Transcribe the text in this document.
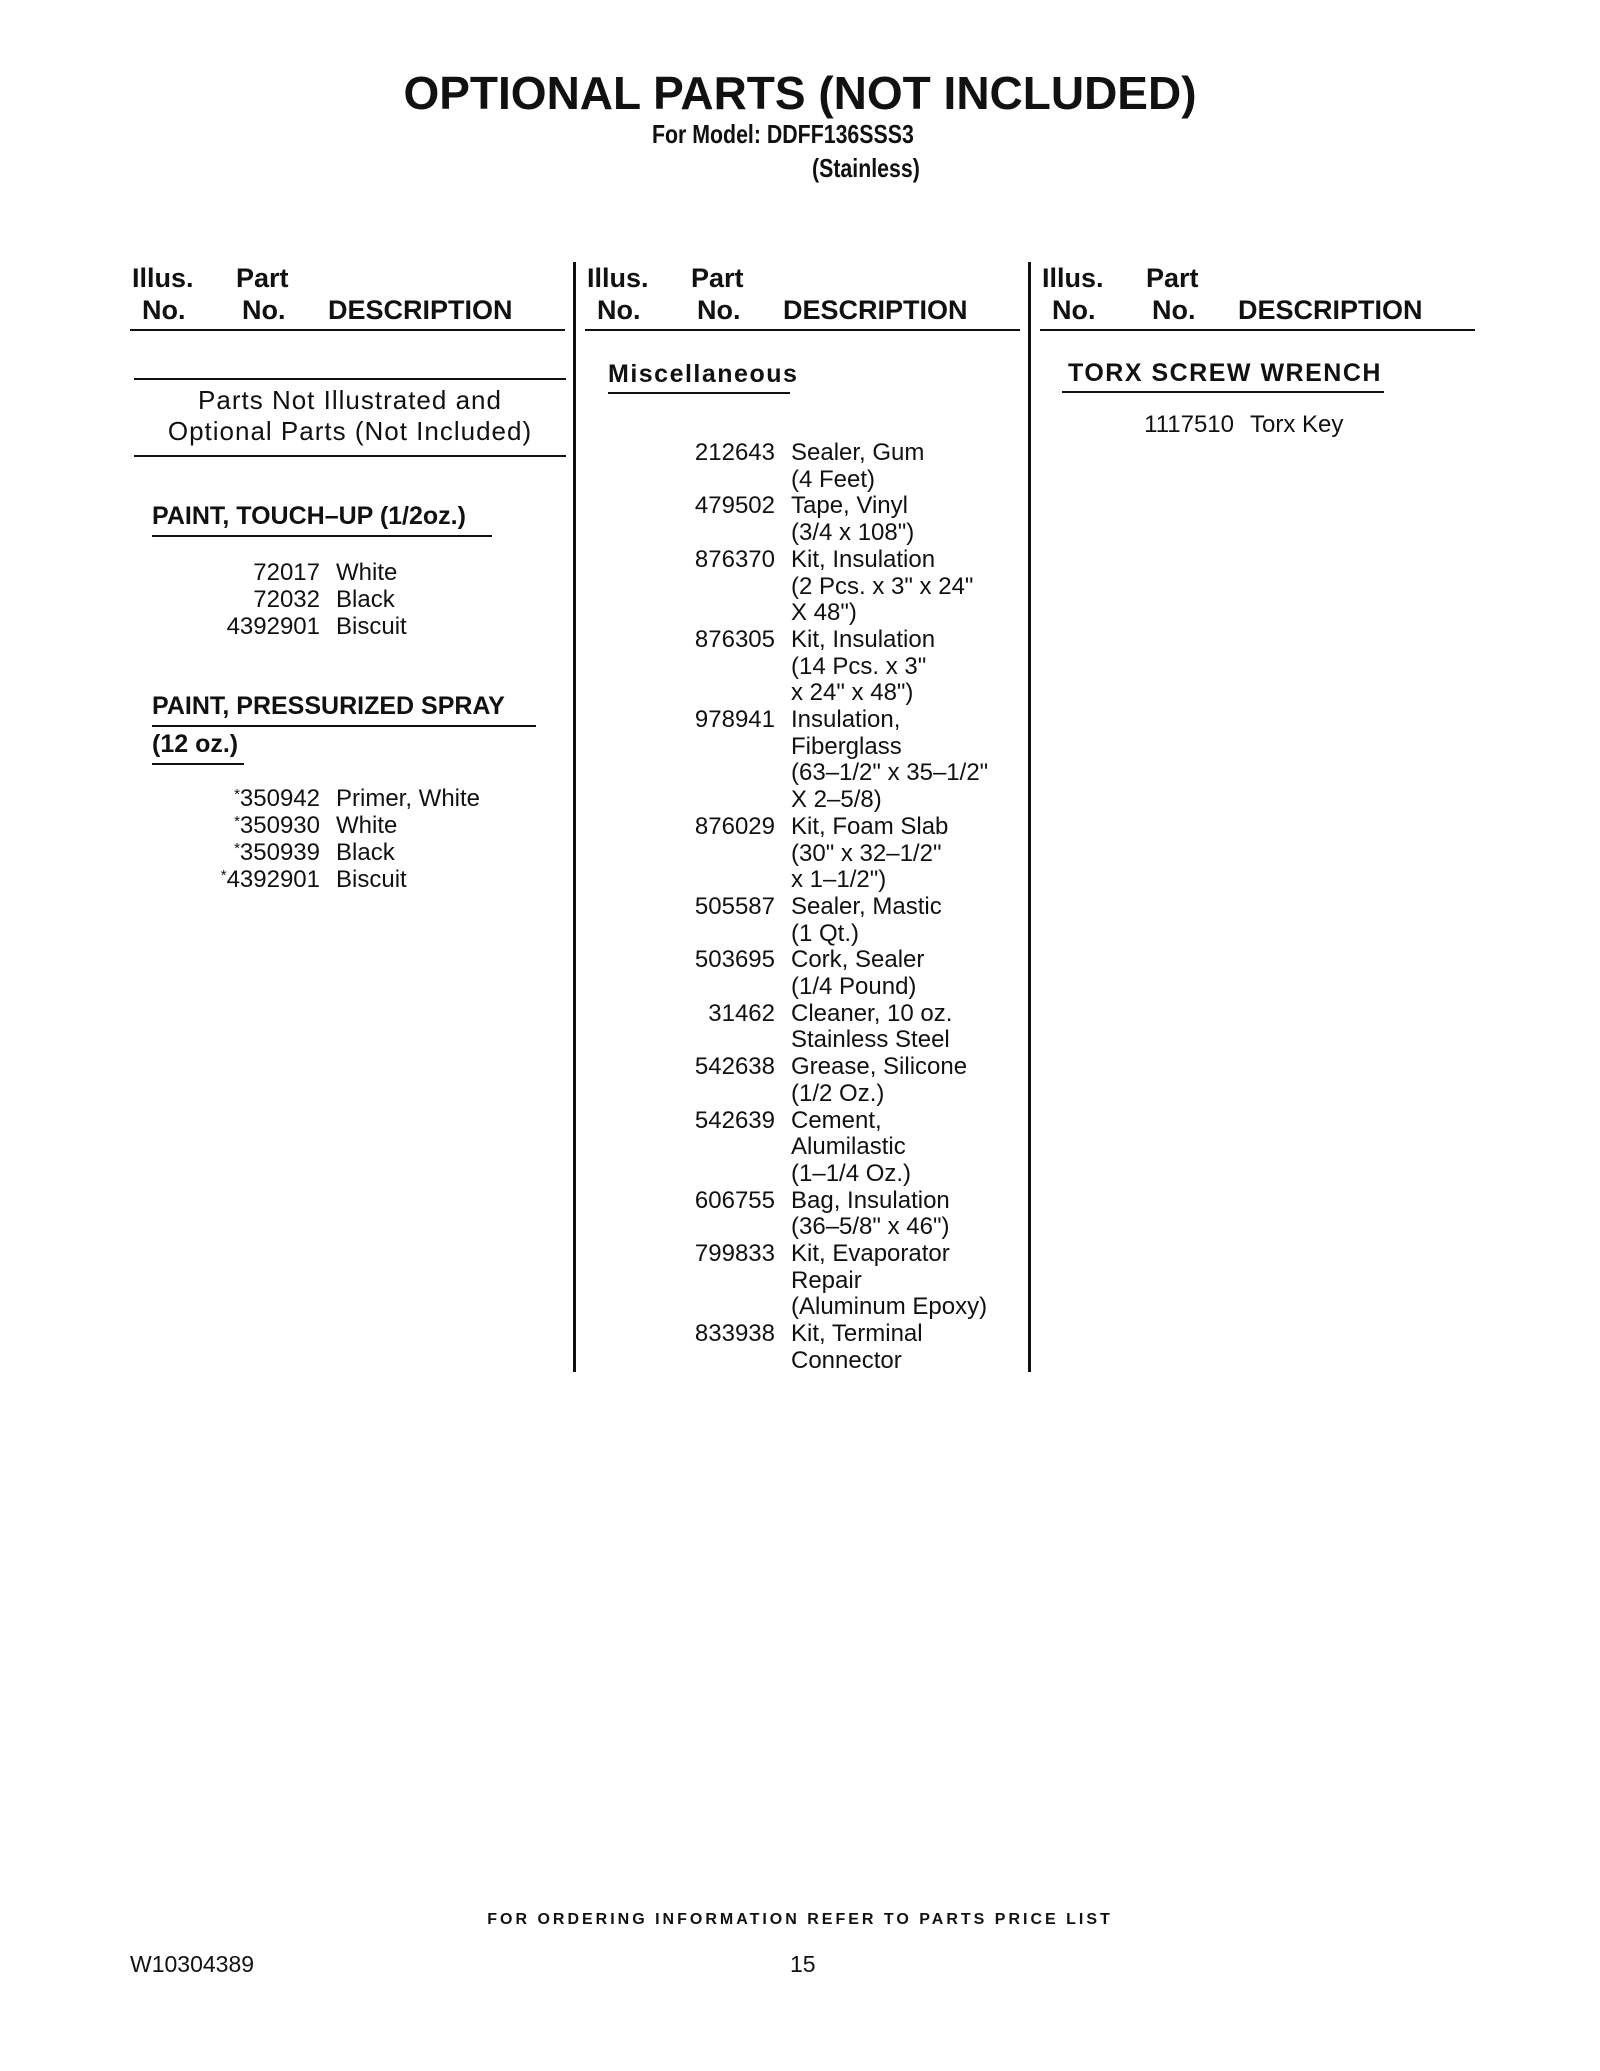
OPTIONAL PARTS (NOT INCLUDED)
For Model: DDFF136SSS3
(Stainless)
Illus. Part
No. No. DESCRIPTION
Illus. Part
No. No. DESCRIPTION
Illus. Part
No. No. DESCRIPTION
Parts Not Illustrated and
Optional Parts (Not Included)
PAINT, TOUCH–UP (1/2oz.)
72017 White
72032 Black
4392901 Biscuit
PAINT, PRESSURIZED SPRAY
(12 oz.)
*350942 Primer, White
*350930 White
*350939 Black
*4392901 Biscuit
Miscellaneous
212643 Sealer, Gum
(4 Feet)
479502 Tape, Vinyl
(3/4 x 108")
876370 Kit, Insulation
(2 Pcs. x 3" x 24"
X 48")
876305 Kit, Insulation
(14 Pcs. x 3"
x 24" x 48")
978941 Insulation,
Fiberglass
(63–1/2" x 35–1/2"
X 2–5/8)
876029 Kit, Foam Slab
(30" x 32–1/2"
x 1–1/2")
505587 Sealer, Mastic
(1 Qt.)
503695 Cork, Sealer
(1/4 Pound)
31462 Cleaner, 10 oz.
Stainless Steel
542638 Grease, Silicone
(1/2 Oz.)
542639 Cement,
Alumilastic
(1–1/4 Oz.)
606755 Bag, Insulation
(36–5/8" x 46")
799833 Kit, Evaporator
Repair
(Aluminum Epoxy)
833938 Kit, Terminal
Connector
TORX SCREW WRENCH
1117510 Torx Key
FOR ORDERING INFORMATION REFER TO PARTS PRICE LIST
W10304389	15
